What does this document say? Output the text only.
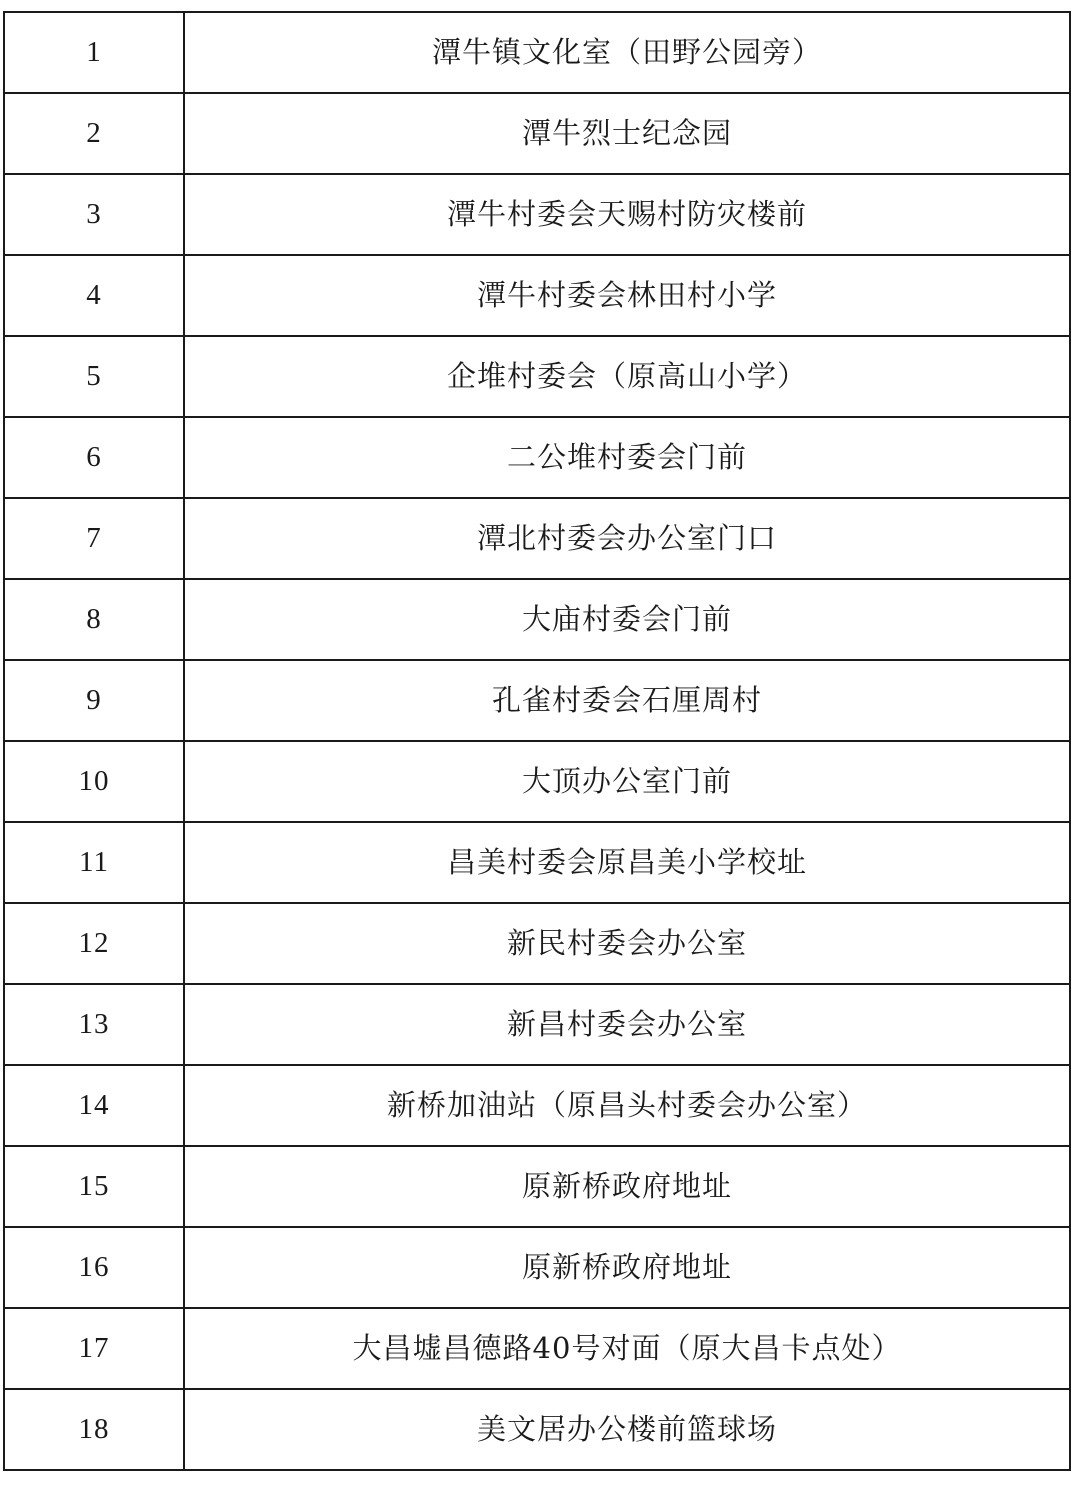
1	潭牛镇文化室（田野公园旁）
2	潭牛烈士纪念园
3	潭牛村委会天赐村防灾楼前
4	潭牛村委会林田村小学
5	企堆村委会（原高山小学）
6	二公堆村委会门前
7	潭北村委会办公室门口
8	大庙村委会门前
9	孔雀村委会石厘周村
10	大顶办公室门前
11	昌美村委会原昌美小学校址
12	新民村委会办公室
13	新昌村委会办公室
14	新桥加油站（原昌头村委会办公室）
15	原新桥政府地址
16	原新桥政府地址
17	大昌墟昌德路40号对面（原大昌卡点处）
18	美文居办公楼前篮球场
